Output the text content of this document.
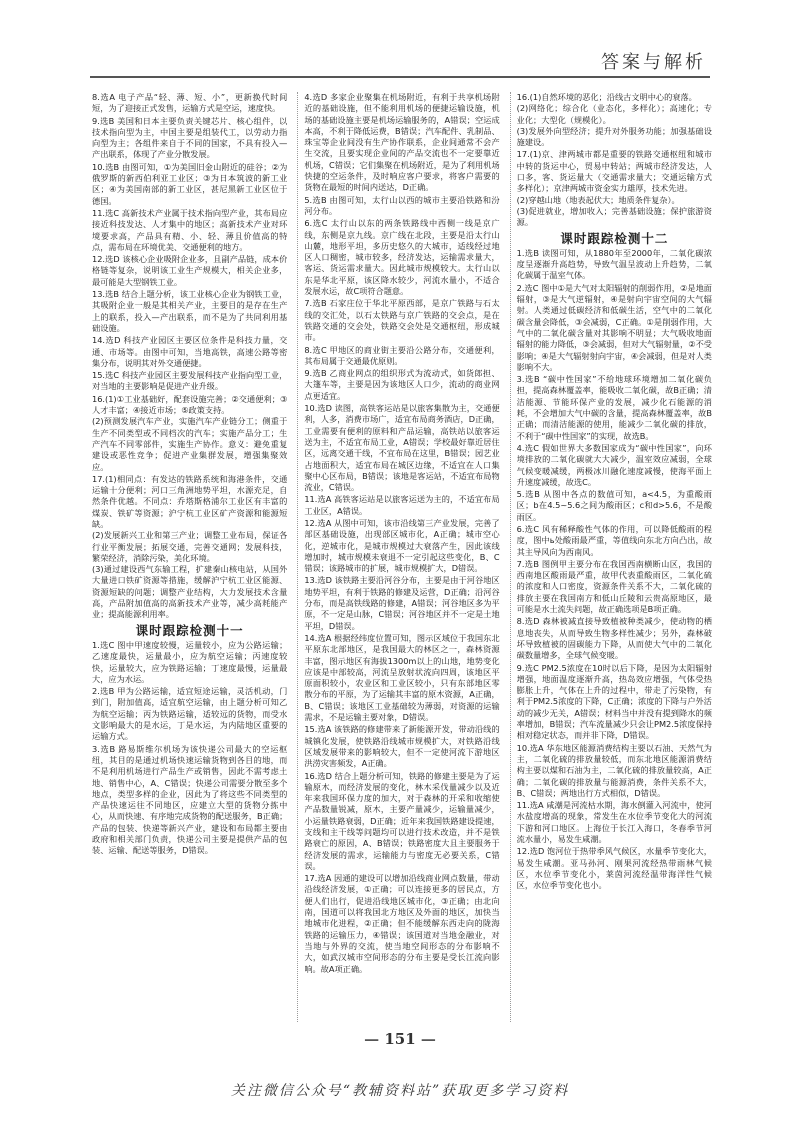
答案与解析

8.选A 电子产品“轻、薄、短、小”，更新换代时间短，为了迎接正式发售，运输方式是空运，速度快。

9.选B 美国和日本主要负责关键芯片、核心组件，以技术指向型为主，中国主要是组装代工，以劳动力指向型为主；各组件来自于不同的国家，不具有投入—产出联系，体现了产业分散发展。

10.选B 由图可知，①为美国旧金山附近的硅谷；②为俄罗斯的新西伯利亚工业区；③为日本筑波的新工业区；④为美国南部的新工业区，甚尼黑新工业区位于德国。

11.选C 高新技术产业属于技术指向型产业，其布局应接近科技发达、人才集中的地区；高新技术产业对环境要求高，产品具有精、小、轻、薄且价值高的特点，需布局在环境优美、交通便利的地方。

12.选D 该核心企业吸附企业多，且副产品链，成本价格链等复杂，说明该工业生产规模大，相关企业多，最可能是大型钢铁工业。

13.选B 结合上题分析，该工业核心企业为钢铁工业，其吸附企业一般是其相关产业，主要目的是存在生产上的联系，投入—产出联系，而不是为了共同利用基础设施。

14.选D 科技产业园区主要区位条件是科技力量，交通、市场等。由图中可知，当地高铁，高速公路等密集分布，说明其对外交通便捷。

15.选C 科技产业园区主要发展科技产业指向型工业，对当地的主要影响是促进产业升级。

16.(1)①工业基础好，配套设施完善；②交通便利；③人才丰富；④接近市场；⑤政策支持。
(2)预测发展汽车产业，实施汽车产业链分工；侧重于生产不同类型或不同档次的汽车；实施产品分工；生产汽车不同零部件，实施生产协作。意义：避免重复建设或恶性竞争；促进产业集群发展，增强集聚效应。

17.(1)相同点：有发达的铁路系统和海港条件，交通运输十分便利；河口三角洲地势平坦，水源充足，自然条件优越。不同点：乔塔斯格浦尔工业区有丰富的煤炭、铁矿等资源；沪宁杭工业区矿产资源和能源短缺。
(2)发展新兴工业和第三产业；调整工业布局，保证各行业平衡发展；拓展交通，完善交通网；发展科技，繁荣经济，消除污染，美化环境。
(3)通过建设西气东输工程，扩建秦山核电站，从国外大量进口铁矿资源等措施，缓解沪宁杭工业区能源、资源短缺的问题；调整产业结构，大力发展技术含量高，产品附加值高的高新技术产业等，减少高耗能产业；提高能源利用率。

课时跟踪检测十一

1.选C 图中甲速度较慢，运量较小，应为公路运输；乙速度最快，运量最小，应为航空运输；丙速度较快，运量较大，应为铁路运输；丁速度最慢，运量最大，应为水运。

2.选B 甲为公路运输，适宜短途运输，灵活机动，门到门，附加值高，适宜航空运输，由上题分析可知乙为航空运输；丙为铁路运输，适较远的货物，而受水文影响最大的是水运，丁是水运，为内陆地区重要的运输方式。

3.选B 路易斯维尔机场为该快递公司最大的空运枢纽，其目的是通过机场快速运输货物到各目的地，而不是利用机场进行产品生产或销售，因此不需考虑土地、销售中心，A、C错误；快递公司需要分散至多个地点，类型多样的企业，因此为了将这些不同类型的产品快速运往不同地区，应建立大型的货物分拣中心，从而快速、有序地完成货物的配送服务，B正确；产品的包装、快递等新兴产业，建设和布局都主要由政府和相关部门负责，快递公司主要是提供产品的包装、运输、配送等服务，D错误。

4.选D 多家企业聚集在机场附近，有利于共享机场附近的基础设施，但不能利用机场的便捷运输设施，机场的基础设施主要是机场运输服务的，A错误；空运成本高，不利于降低运费，B错误；汽车配件、乳制品、珠宝等企业间没有生产协作联系，企业间通常不会产生交流，且要实现企业间的产品交流也不一定要靠近机场，C错误；它们集聚在机场附近，是为了利用机场快捷的空运条件，及时响应客户要求，将客户需要的货物在最短的时间内送达，D正确。

5.选B 由图可知，太行山以西的城市主要沿铁路和汾河分布。

6.选C 太行山以东的两条铁路线中西侧一线是京广线，东侧是京九线。京广线在北段，主要是沿太行山山麓，地形平坦，多历史悠久的大城市，适线经过地区人口稠密，城市较多，经济发达，运输需求量大，客运、货运需求量大。因此城市规模较大。太行山以东是华北平原，该区降水较少，河流水量小，不适合发展水运，故C项符合题意。

7.选B 石家庄位于华北平原西部，是京广铁路与石太线的交汇处，以石太铁路与京广铁路的交会点，是在铁路交通的交会处，铁路交会处是交通枢纽，形成城市。

8.选C 甲地区的商业街主要沿公路分布，交通便利，其布局属于交通最优原则。

9.选B 乙商业网点的组织形式为流动式，如货郎担、大篷车等，主要是因为该地区人口少，流动的商业网点更适宜。

10.选D 读图，高铁客运站是以旅客集散为主，交通便利，人多，消费市场广，适宜布局商务酒店，D正确，工业需要有便利的原料和产品运输，高铁站以旅客运送为主，不适宜布局工业，A错误；学校最好靠近居住区，远离交通干线，不宜布局在这里，B错误；园艺业占地面积大，适宜布局在城区边缘，不适宜在人口集聚中心区布局，B错误；该地是客运站，不适宜布局物流业，C错误。

11.选A 高铁客运站是以旅客运送为主的，不适宜布局工业区，A错误。

12.选A 从图中可知，该市沿线第三产业发展，完善了部区基础设施，出现部区城市化，A正确；城市空心化，逆城市化，是城市规模过大衰落产生，因此该线增加时，城市规模未衰退不一定引起这些变化，B、C错误；该路城市的扩展，城市规模扩大，D错误。

13.选D 该铁路主要沿河谷分布，主要是由于河谷地区地势平坦，有利于铁路的修建及运营，D正确；沿河谷分布，而是高铁线路的修建，A错误；河谷地区多为平原，不一定是山脉，C错误；河谷地区并不一定是土地平坦，D错误。

14.选A 根据经纬度位置可知，图示区域位于我国东北平原东北部地区，是我国最大的林区之一，森林资源丰富，图示地区有海拔1300m以上的山地，地势变化应该是中部较高，河流呈放射状流向四周，该地区平原面积较小，农业区和工业区较小，只有东部地区零散分布的平原，为了运输其丰富的原木资源，A正确，B、C错误；该地区工业基础较为薄弱，对资源的运输需求，不是运输主要对象，D错误。

15.选A 该铁路的修建带来了新能源开发，带动沿线的城镇化发展，使铁路沿线城市规模扩大，对铁路沿线区域发展带来的影响较大，但不一定使河流下游地区洪涝灾害频发，A正确。

16.选D 结合上题分析可知，铁路的修建主要是为了运输原木，而经济发展的变化，林木采伐量减少以及近年来我国环保力度的加大，对于森林的开采和收缩使产品数量锐减，原木，主要产量减少，运输量减少，小运量铁路衰弱，D正确；近年来我国铁路建设提速，支线和主干线等问题均可以进行技术改造，并不是铁路衰亡的原因，A、B错误；铁路密度大且主要服务于经济发展的需求，运输能力与密度无必要关系，C错误。

17.选A 因通的建设可以增加沿线商业网点数量，带动沿线经济发展，①正确；可以连接更多的居民点，方便人们出行，促进沿线地区城市化，③正确；由北向南，国道可以将我国北方地区及外面的地区，加快当地城市化进程，②正确；但不能缓解东西走向的陇海铁路的运输压力，④错误；该国道对当地金融业，对当地与外界的交流，使当地空间形态的分布影响不大，如武汉城市空间形态的分布主要是受长江流向影响。故A项正确。

16.(1)自然环境的恶化；沿线古文明中心的衰落。
(2)网络化；综合化（业态化，多样化）；高速化；专业化；大型化（规模化）。
(3)发展外向型经济；提升对外服务功能；加强基础设施建设。

17.(1)京、津两城市都是重要的铁路交通枢纽和城市中转的货运中心，贸易中转站；两城市经济发达，人口多，客、货运量大（交通需求量大；交通运输方式多样化）；京津两城市资金实力雄厚，技术先进。
(2)穿越山地（地表起伏大；地质条件复杂）。
(3)促进就业，增加收入；完善基础设施；保护旅游资源。

课时跟踪检测十二

1.选B 读图可知，从1880年至2000年，二氧化碳浓度呈逐渐升高趋势，导致气温呈波动上升趋势，二氧化碳属于温室气体。

2.选C 图中①是大气对太阳辐射的削弱作用，②是地面辐射，③是大气逆辐射，④是射向宇宙空间的大气辐射。人类通过低碳经济和低碳生活，空气中的二氧化碳含量会降低，③会减弱，C正确。①是削弱作用，大气中的二氧化碳含量对其影响不明显；大气吸收地面辐射的能力降低，③会减弱，但对大气辐射量，②不受影响；④是大气辐射射向宇宙，④会减弱，但是对人类影响不大。

3.选B “碳中性国家”不给地球环境增加二氧化碳负担，提高森林覆盖率，能吸收二氧化碳，故B正确；清洁能源、节能环保产业的发展，减少化石能源的消耗，不会增加大气中碳的含量，提高森林覆盖率，故B正确；而清洁能源的使用，能减少二氧化碳的排放，不利于“碳中性国家”的实现，故选B。

4.选C 假如世界大多数国家成为“碳中性国家”，向环境排放的二氧化碳就大大减少，温室效应减弱，全球气候变暖减缓，两极冰川融化速度减慢，使海平面上升速度减缓，故选C。

5.选B 从图中各点的数值可知，a<4.5，为重酸雨区；b在4.5~5.6之间为酸雨区；c和d>5.6，不是酸雨区。

6.选C 风有稀释酸性气体的作用，可以降低酸雨的程度，图中ь处酸雨最严重，等值线向东北方向凸出，故其主导风向为西南风。

7.选B 图例甲主要分布在我国西南横断山区，我国的西南地区酸雨最严重，故甲代表重酸雨区，二氧化硫的浓度和人口密度，资源条件关系不大，二氧化硫的排放主要在我国南方和低山丘陵和云贵高原地区，最可能是水土流失问题，故正确选项是B项正确。

8.选D 森林被减直接导致植被种类减少，使动物的栖息地丧失，从而导致生物多样性减少；另外，森林破坏导致植被的固碳能力下降，从而使大气中的二氧化碳数量增多，全球气候变暖。

9.选C PM2.5浓度在10时以后下降，是因为太阳辐射增强，地面温度逐渐升高，热岛效应增强，气体受热膨胀上升，气体在上升的过程中，带走了污染物，有利于PM2.5浓度的下降，C正确；浓度的下降与户外活动的减少无关，A错误；材料当中并没有提到降水的频率增加，B错误；汽车流量减少只会让PM2.5浓度保持相对稳定状态，而并非下降，D错误。

10.选A 华东地区能源消费结构主要以石油、天然气为主，二氧化硫的排放量较低，而东北地区能源消费结构主要以煤和石油为主，二氧化硫的排放量较高，A正确；二氧化碳的排放量与能源消费，条件关系不大，B、C错误；两地出行方式相似，D错误。

11.选A 咸潮是河流枯水期，海水倒灌入河流中，使河水盐度增高的现象，常发生在水位季节变化大的河流下游和河口地区。上海位于长江入海口，冬春季节河流水量小，易发生咸潮。

12.选D 饱河位于热带季风气候区，水量季节变化大，易发生咸潮。亚马孙河、刚果河流经热带雨林气候区，水位季节变化小，莱茵河流经温带海洋性气候区，水位季节变化也小。

— 151 —
关注微信公众号“教辅资料站”获取更多学习资料
